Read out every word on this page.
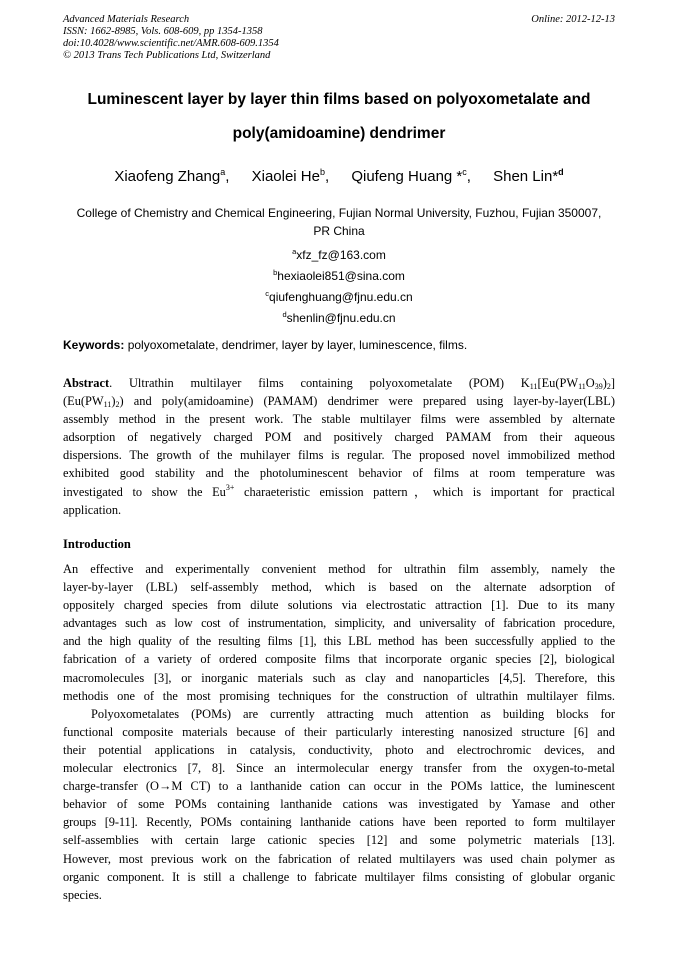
Advanced Materials Research
ISSN: 1662-8985, Vols. 608-609, pp 1354-1358
doi:10.4028/www.scientific.net/AMR.608-609.1354
© 2013 Trans Tech Publications Ltd, Switzerland
Online: 2012-12-13
Luminescent layer by layer thin films based on polyoxometalate and
poly(amidoamine) dendrimer
Xiaofeng Zhang$^a$, Xiaolei He$^b$, Qiufeng Huang *$^c$, Shen Lin*$^d$
College of Chemistry and Chemical Engineering, Fujian Normal University, Fuzhou, Fujian 350007,
PR China
$^a$xfz_fz@163.com
$^b$hexiaolei851@sina.com
$^c$qiufenghuang@fjnu.edu.cn
$^d$shenlin@fjnu.edu.cn
Keywords: polyoxometalate, dendrimer, layer by layer, luminescence, films.
Abstract. Ultrathin multilayer films containing polyoxometalate (POM) $K_{11}[Eu(PW_{11}O_{39})_2]$
$(Eu(PW_{11})_2)$ and poly(amidoamine) (PAMAM) dendrimer were prepared using layer-by-layer(LBL)
assembly method in the present work. The stable multilayer films were assembled by alternate
adsorption of negatively charged POM and positively charged PAMAM from their aqueous
dispersions. The growth of the muhilayer films is regular. The proposed novel immobilized method
exhibited good stability and the photoluminescent behavior of films at room temperature was
investigated to show the $Eu^{3+}$ charaeteristic emission pattern，which is important for practical
application.
Introduction
An effective and experimentally convenient method for ultrathin film assembly, namely the
layer-by-layer (LBL) self-assembly method, which is based on the alternate adsorption of
oppositely charged species from dilute solutions via electrostatic attraction [1]. Due to its many
advantages such as low cost of instrumentation, simplicity, and universality of fabrication procedure,
and the high quality of the resulting films [1], this LBL method has been successfully applied to the
fabrication of a variety of ordered composite films that incorporate organic species [2], biological
macromolecules [3], or inorganic materials such as clay and nanoparticles [4,5]. Therefore, this
methodis one of the most promising techniques for the construction of ultrathin multilayer films.
Polyoxometalates (POMs) are currently attracting much attention as building blocks for
functional composite materials because of their particularly interesting nanosized structure [6] and
their potential applications in catalysis, conductivity, photo and electrochromic devices, and
molecular electronics [7, 8]. Since an intermolecular energy transfer from the oxygen-to-metal
charge-transfer (O→M CT) to a lanthanide cation can occur in the POMs lattice, the luminescent
behavior of some POMs containing lanthanide cations was investigated by Yamase and other
groups [9-11]. Recently, POMs containing lanthanide cations have been reported to form multilayer
self-assemblies with certain large cationic species [12] and some polymetric materials [13].
However, most previous work on the fabrication of related multilayers was used chain polymer as
organic component. It is still a challenge to fabricate multilayer films consisting of globular organic
species.
